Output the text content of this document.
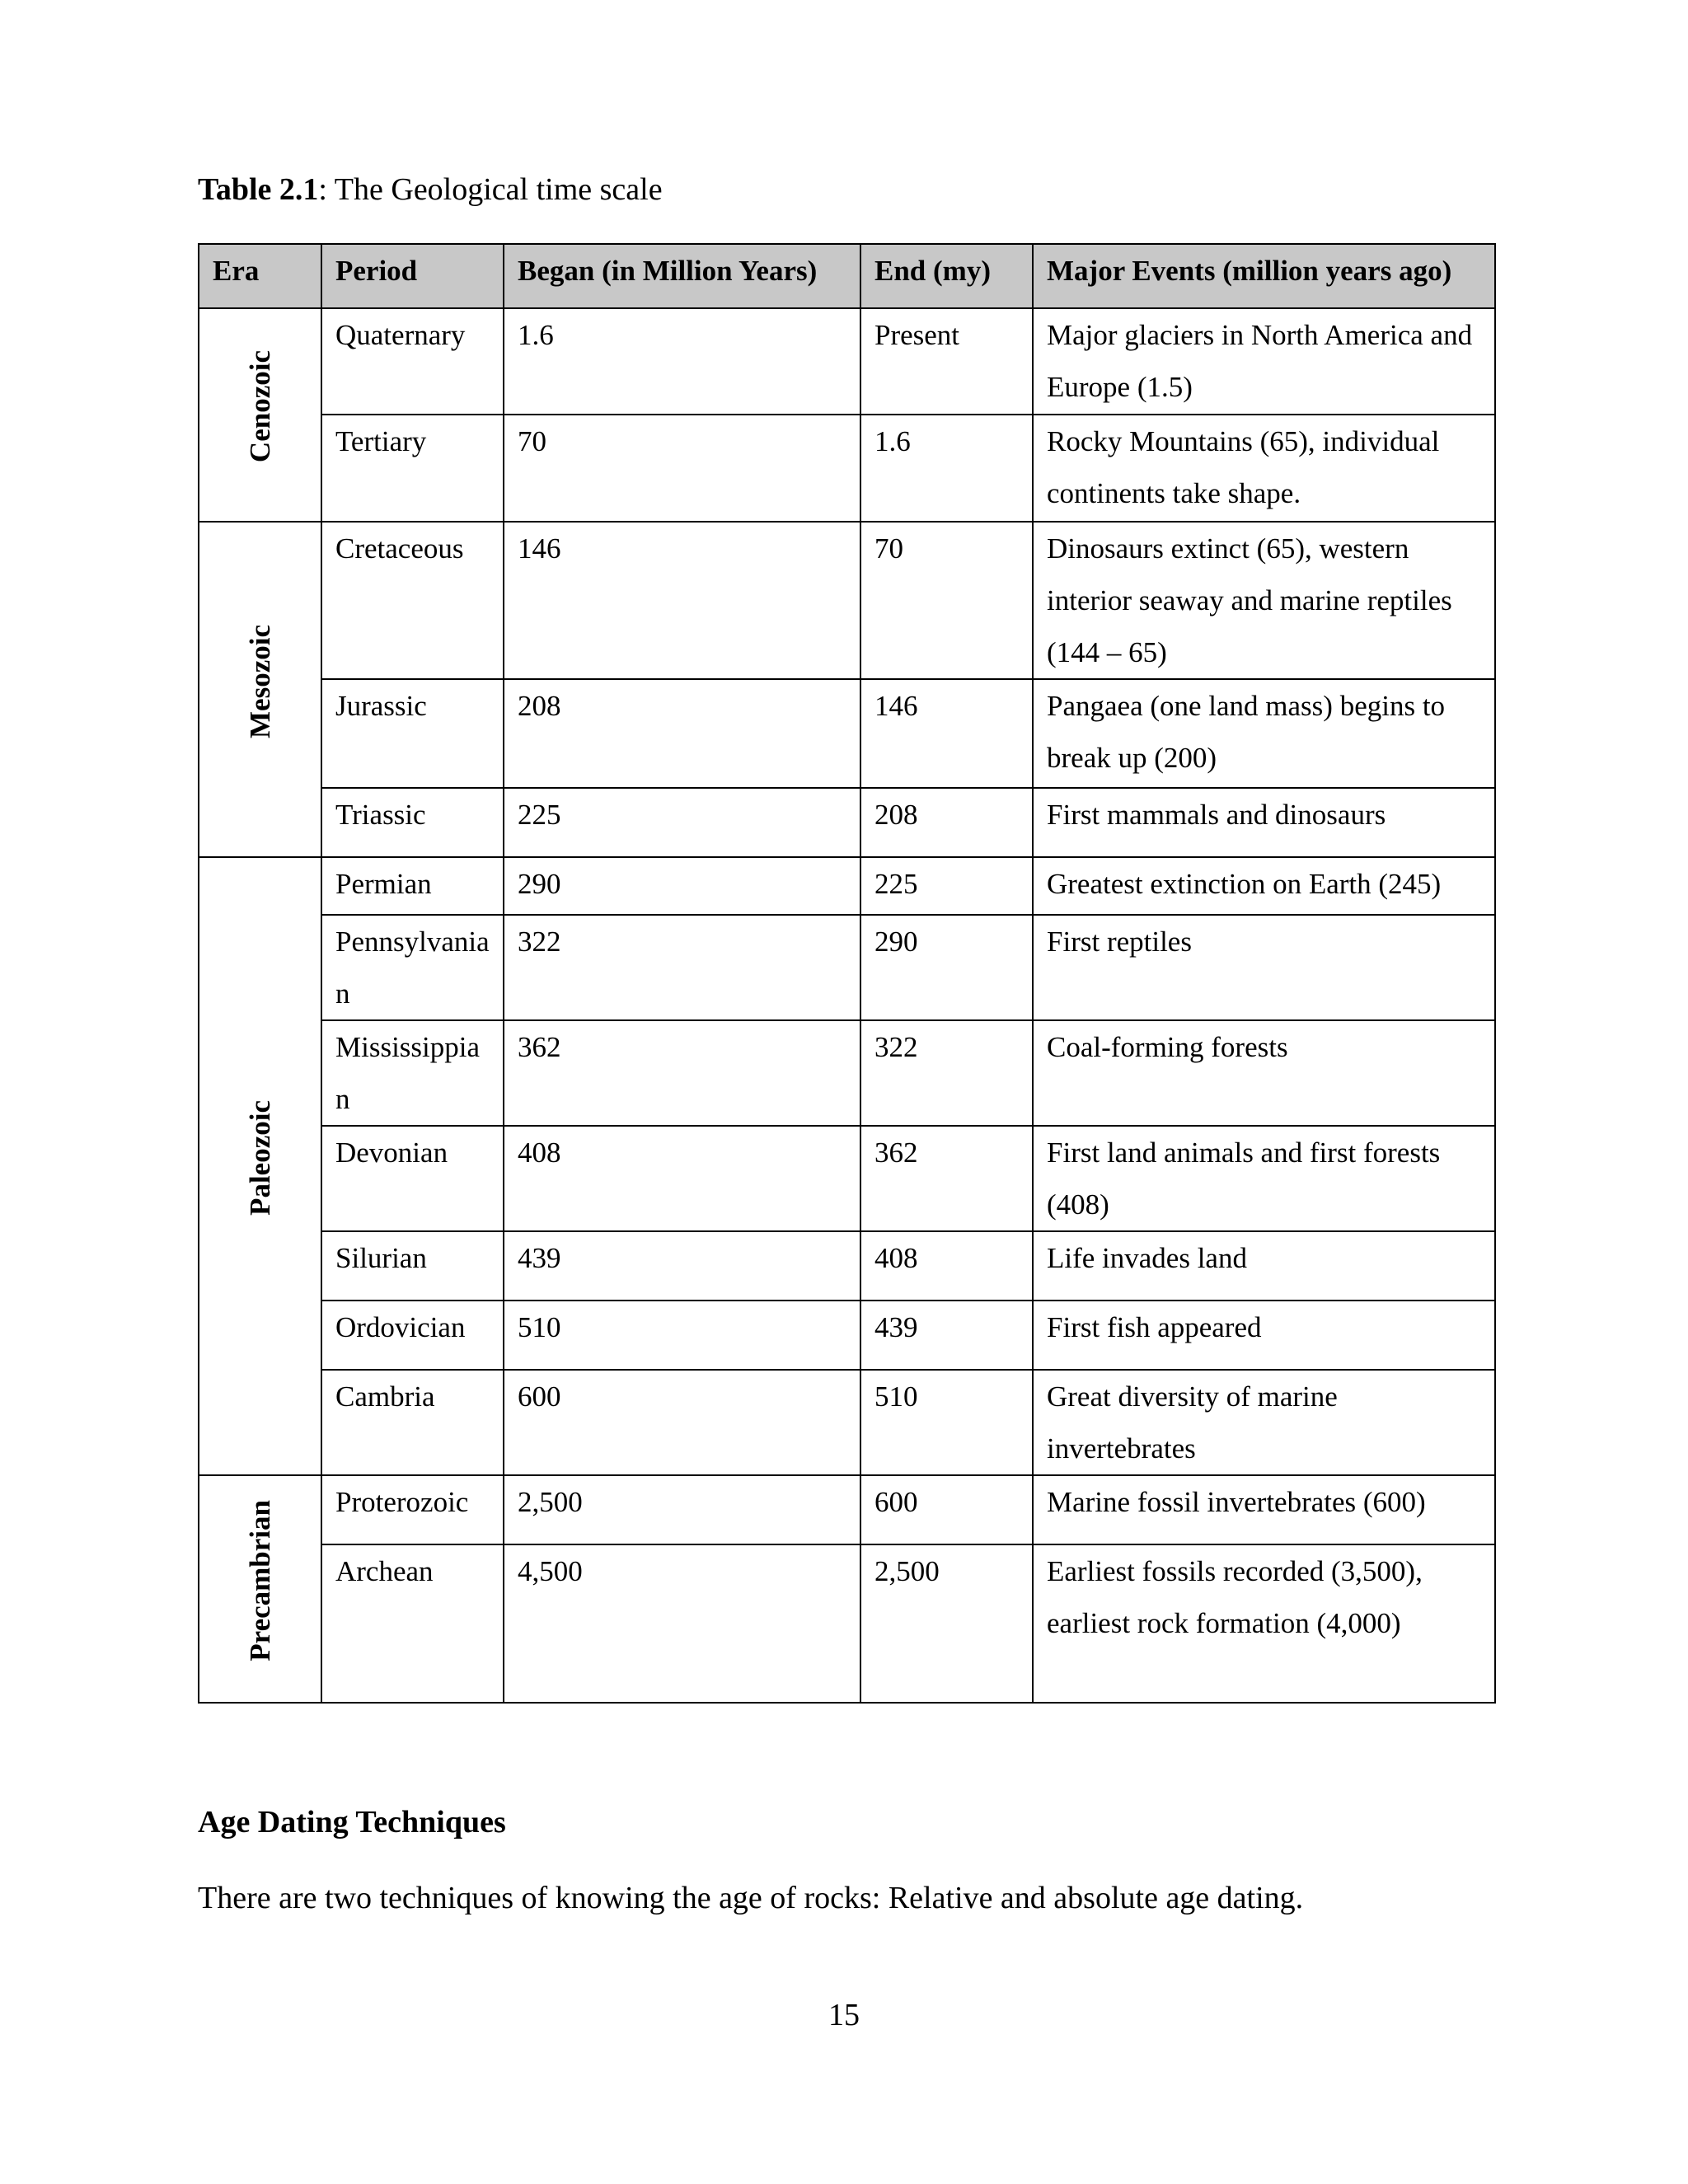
Table 2.1: The Geological time scale
Era	Period	Began (in Million Years)	End (my)	Major Events (million years ago)
Cenozoic	Quaternary	1.6	Present	Major glaciers in North America and Europe (1.5)
	Tertiary	70	1.6	Rocky Mountains (65), individual continents take shape.
Mesozoic	Cretaceous	146	70	Dinosaurs extinct (65), western interior seaway and marine reptiles (144 – 65)
	Jurassic	208	146	Pangaea (one land mass) begins to break up (200)
	Triassic	225	208	First mammals and dinosaurs
Paleozoic	Permian	290	225	Greatest extinction on Earth (245)
	Pennsylvanian	322	290	First reptiles
	Mississippian	362	322	Coal-forming forests
	Devonian	408	362	First land animals and first forests (408)
	Silurian	439	408	Life invades land
	Ordovician	510	439	First fish appeared
	Cambria	600	510	Great diversity of marine invertebrates
Precambrian	Proterozoic	2,500	600	Marine fossil invertebrates (600)
	Archean	4,500	2,500	Earliest fossils recorded (3,500), earliest rock formation (4,000)
Age Dating Techniques
There are two techniques of knowing the age of rocks: Relative and absolute age dating.
15
